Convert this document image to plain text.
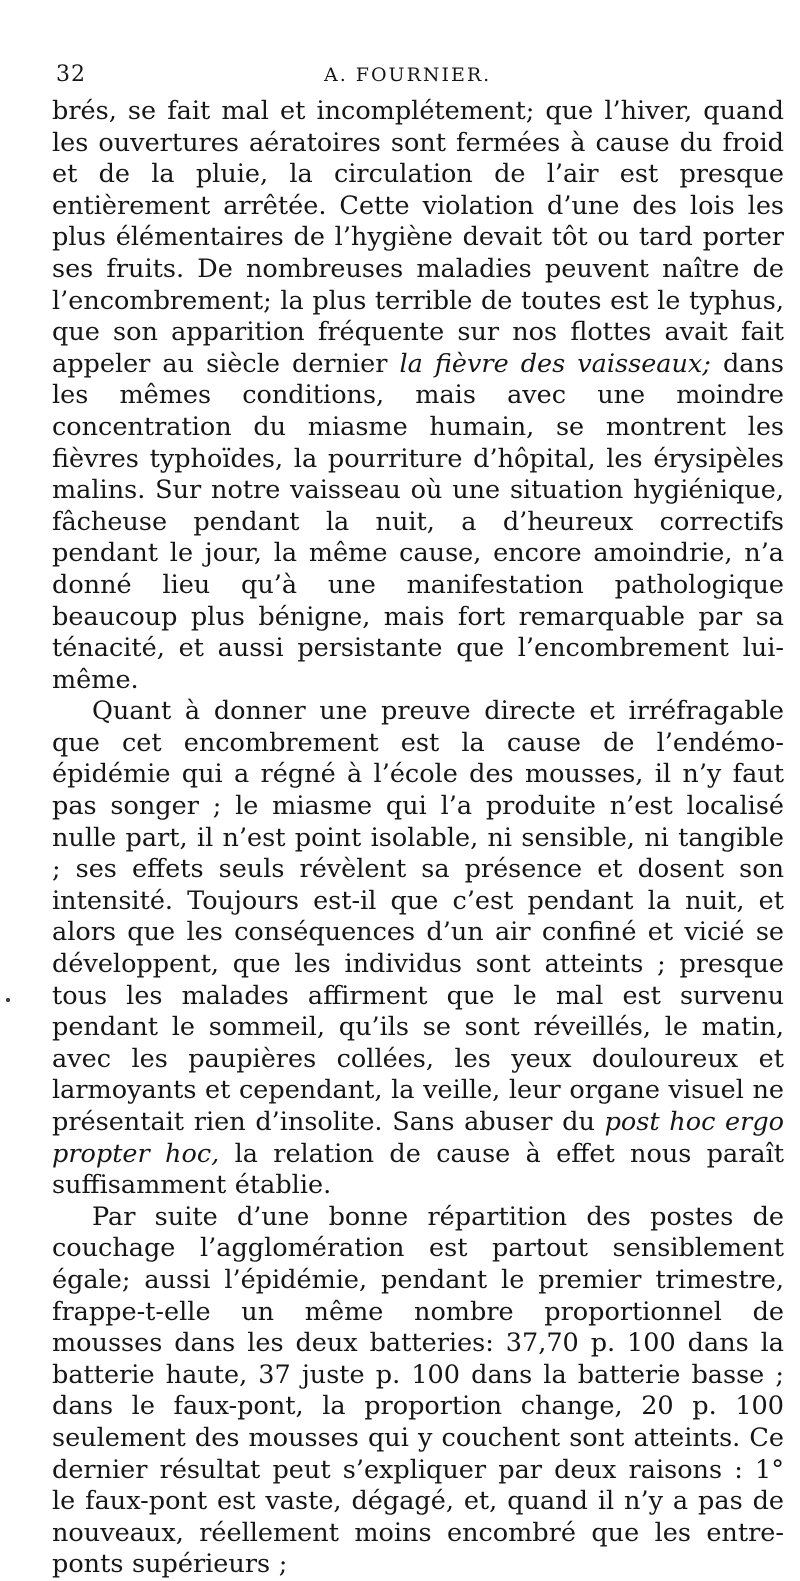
32	A. FOURNIER.

brés, se fait mal et incomplétement; que l’hiver, quand les ouvertures aératoires sont fermées à cause du froid et de la pluie, la circulation de l’air est presque entièrement arrêtée. Cette violation d’une des lois les plus élémentaires de l’hygiène devait tôt ou tard porter ses fruits. De nombreuses maladies peuvent naître de l’encombrement; la plus terrible de toutes est le typhus, que son apparition fréquente sur nos flottes avait fait appeler au siècle dernier la fièvre des vaisseaux; dans les mêmes conditions, mais avec une moindre concentration du miasme humain, se montrent les fièvres typhoïdes, la pourriture d’hôpital, les érysipèles malins. Sur notre vaisseau où une situation hygiénique, fâcheuse pendant la nuit, a d’heureux correctifs pendant le jour, la même cause, encore amoindrie, n’a donné lieu qu’à une manifestation pathologique beaucoup plus bénigne, mais fort remarquable par sa ténacité, et aussi persistante que l’encombrement lui-même.

Quant à donner une preuve directe et irréfragable que cet encombrement est la cause de l’endémo-épidémie qui a régné à l’école des mousses, il n’y faut pas songer ; le miasme qui l’a produite n’est localisé nulle part, il n’est point isolable, ni sensible, ni tangible ; ses effets seuls révèlent sa présence et dosent son intensité. Toujours est-il que c’est pendant la nuit, et alors que les conséquences d’un air confiné et vicié se développent, que les individus sont atteints ; presque tous les malades affirment que le mal est survenu pendant le sommeil, qu’ils se sont réveillés, le matin, avec les paupières collées, les yeux douloureux et larmoyants et cependant, la veille, leur organe visuel ne présentait rien d’insolite. Sans abuser du post hoc ergo propter hoc, la relation de cause à effet nous paraît suffisamment établie.

Par suite d’une bonne répartition des postes de couchage l’agglomération est partout sensiblement égale; aussi l’épidémie, pendant le premier trimestre, frappe-t-elle un même nombre proportionnel de mousses dans les deux batteries: 37,70 p. 100 dans la batterie haute, 37 juste p. 100 dans la batterie basse ; dans le faux-pont, la proportion change, 20 p. 100 seulement des mousses qui y couchent sont atteints. Ce dernier résultat peut s’expliquer par deux raisons : 1° le faux-pont est vaste, dégagé, et, quand il n’y a pas de nouveaux, réellement moins encombré que les entre-ponts supérieurs ;
